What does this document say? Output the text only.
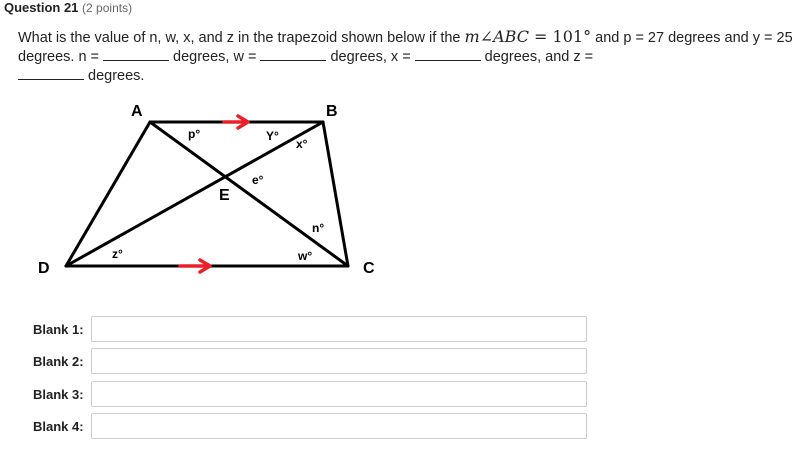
Question 21 (2 points)
What is the value of n, w, x, and z in the trapezoid shown below if the m∠ABC = 101° and p = 27 degrees and y = 25 degrees. n =	degrees, w =	degrees, x =	degrees, and z =
degrees.
A	B
C
D
E
p°	Y°
x°
e°
n°
w°
z°
Blank 1:
Blank 2:
Blank 3:
Blank 4:
